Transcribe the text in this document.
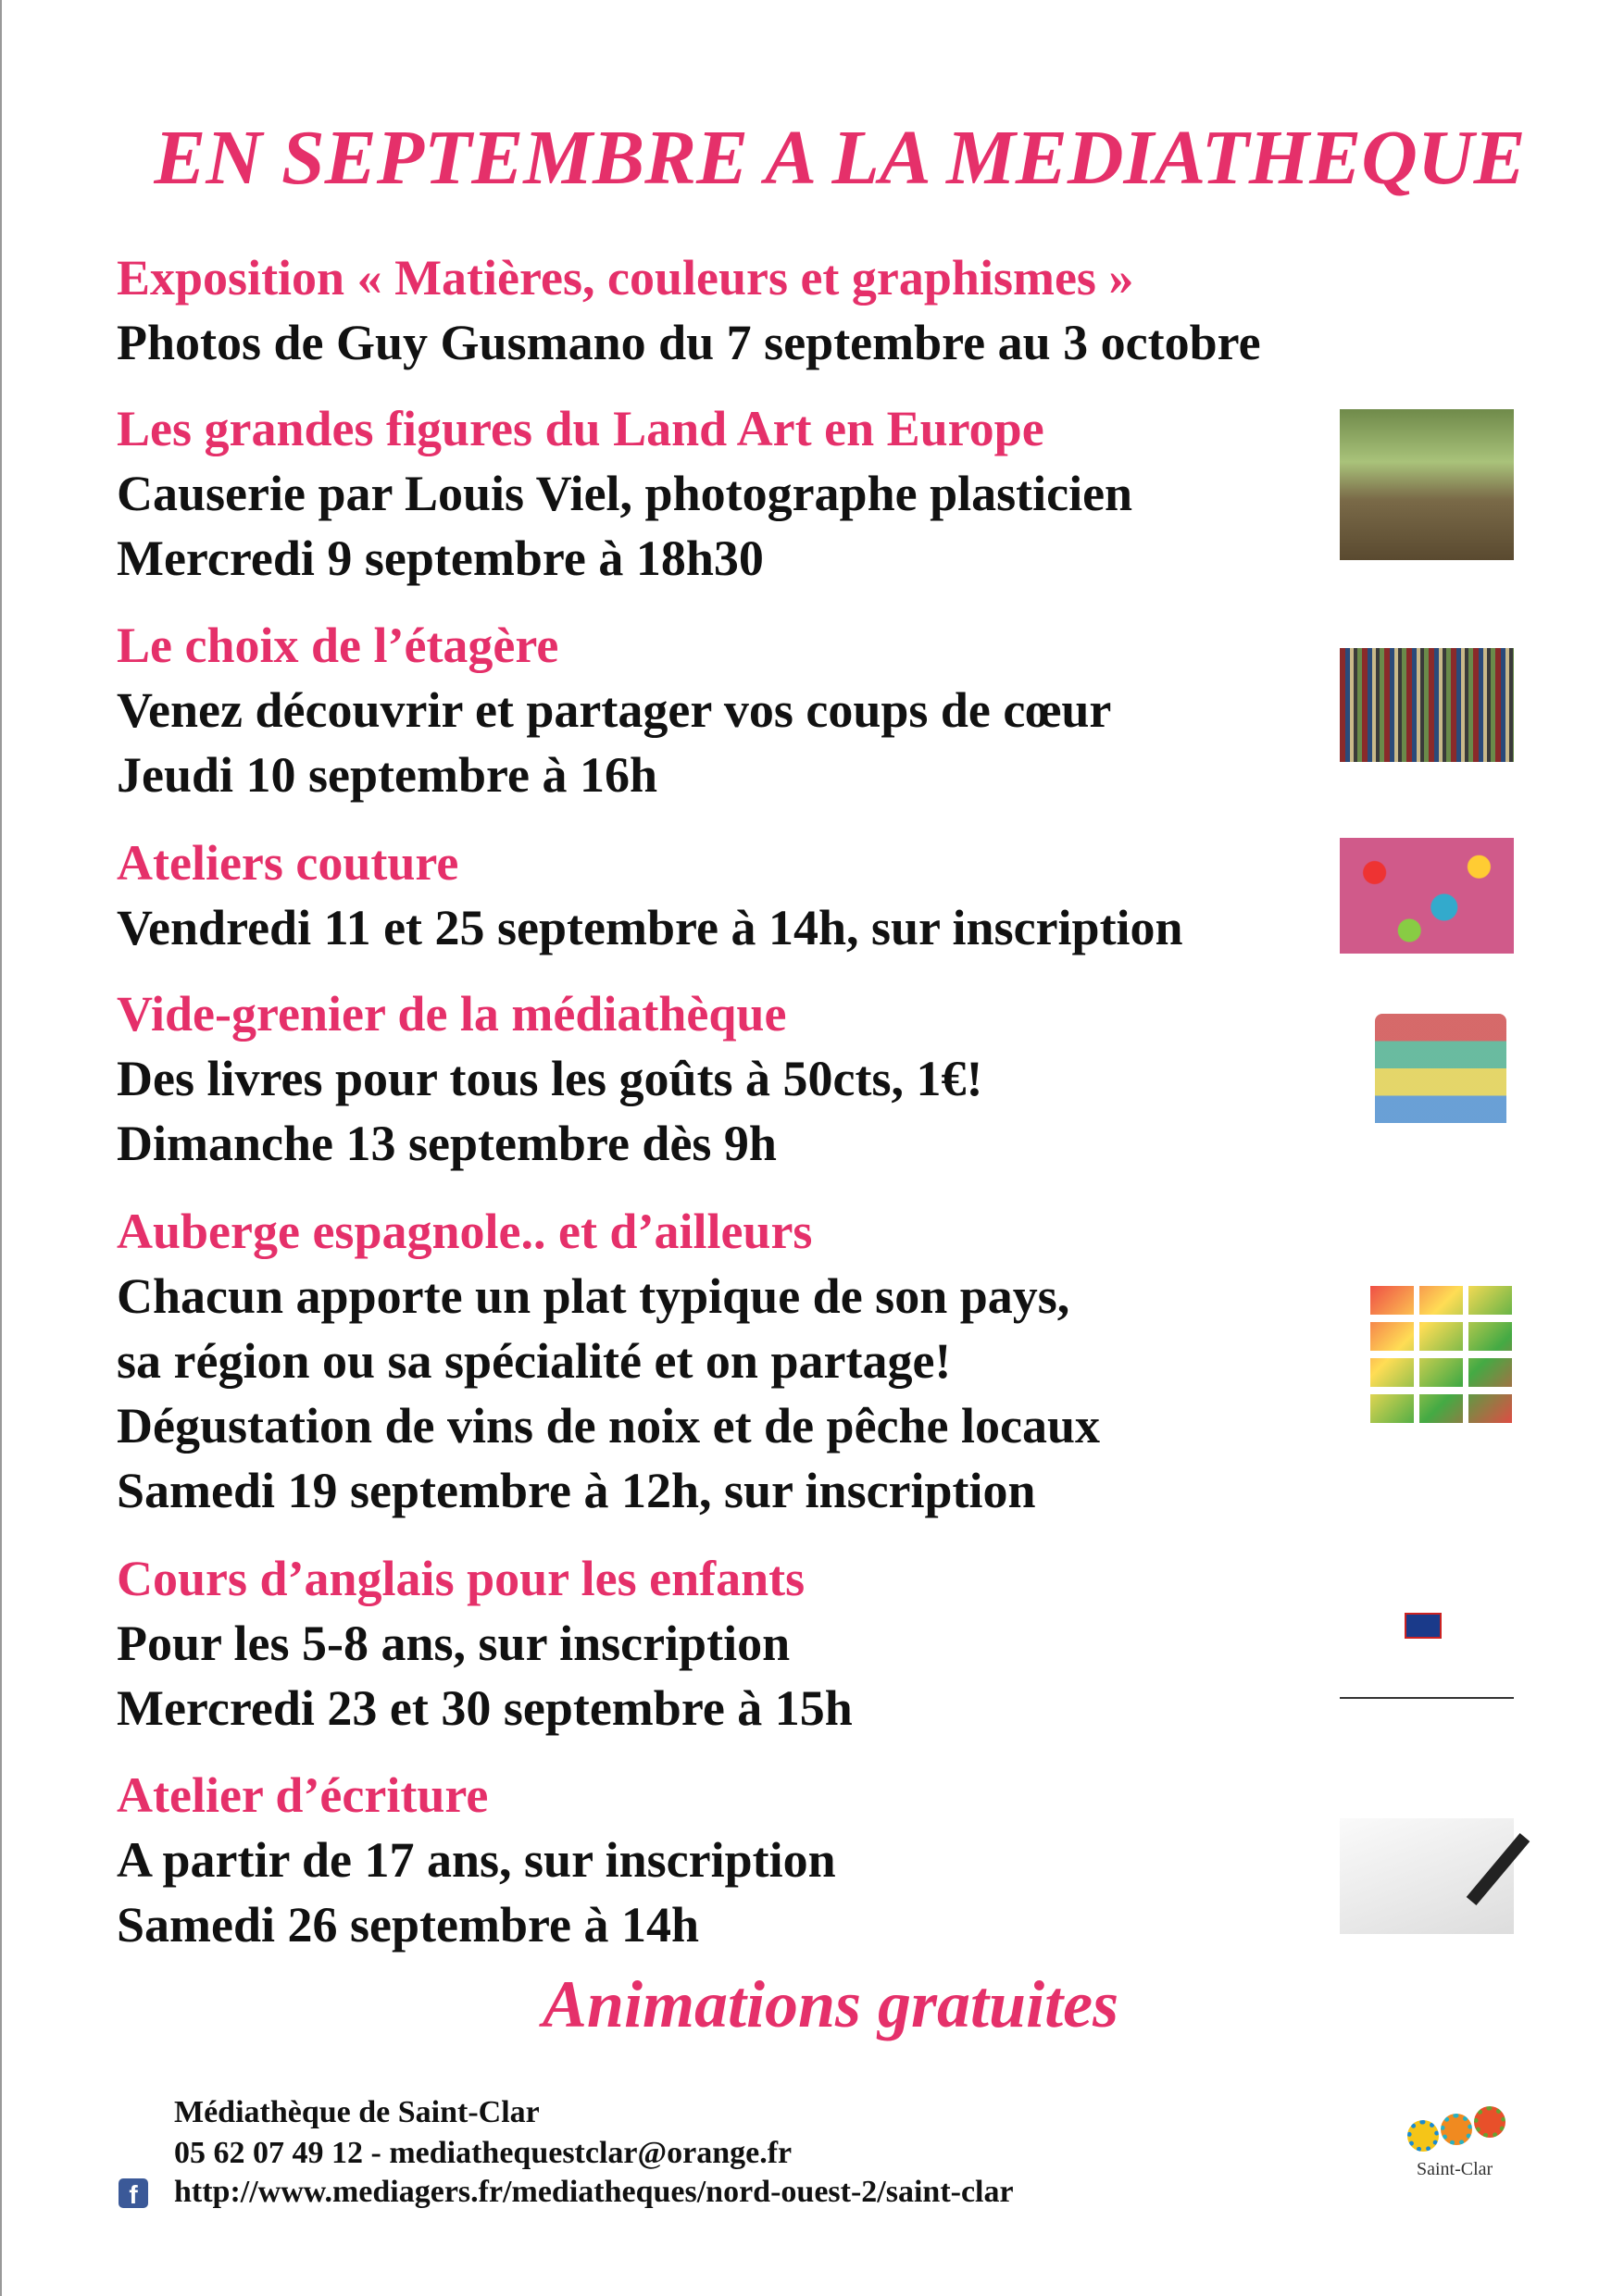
EN SEPTEMBRE A LA MEDIATHEQUE
Exposition « Matières, couleurs et graphismes »
Photos de Guy Gusmano du 7 septembre au 3 octobre
Les grandes figures du Land Art en Europe
Causerie par Louis Viel, photographe plasticien
Mercredi 9 septembre à 18h30
Le choix de l’étagère
Venez découvrir et partager vos coups de cœur
Jeudi 10 septembre à 16h
Ateliers couture
Vendredi 11 et 25 septembre à 14h, sur inscription
Vide-grenier de la médiathèque
Des livres pour tous les goûts à 50cts, 1€!
Dimanche 13 septembre dès 9h
Auberge espagnole.. et d’ailleurs
Chacun apporte un plat typique de son pays,
sa région ou sa spécialité et on partage!
Dégustation de vins de noix et de pêche locaux
Samedi 19 septembre à 12h, sur inscription
Cours d’anglais pour les enfants
Pour les 5-8 ans, sur inscription
Mercredi 23 et 30 septembre à 15h
Atelier d’écriture
A partir de 17 ans, sur inscription
Samedi 26 septembre à 14h
Animations gratuites
Médiathèque de Saint-Clar
05 62 07 49 12 - mediathequestclar@orange.fr
f	http://www.mediagers.fr/mediatheques/nord-ouest-2/saint-clar
Saint-Clar
